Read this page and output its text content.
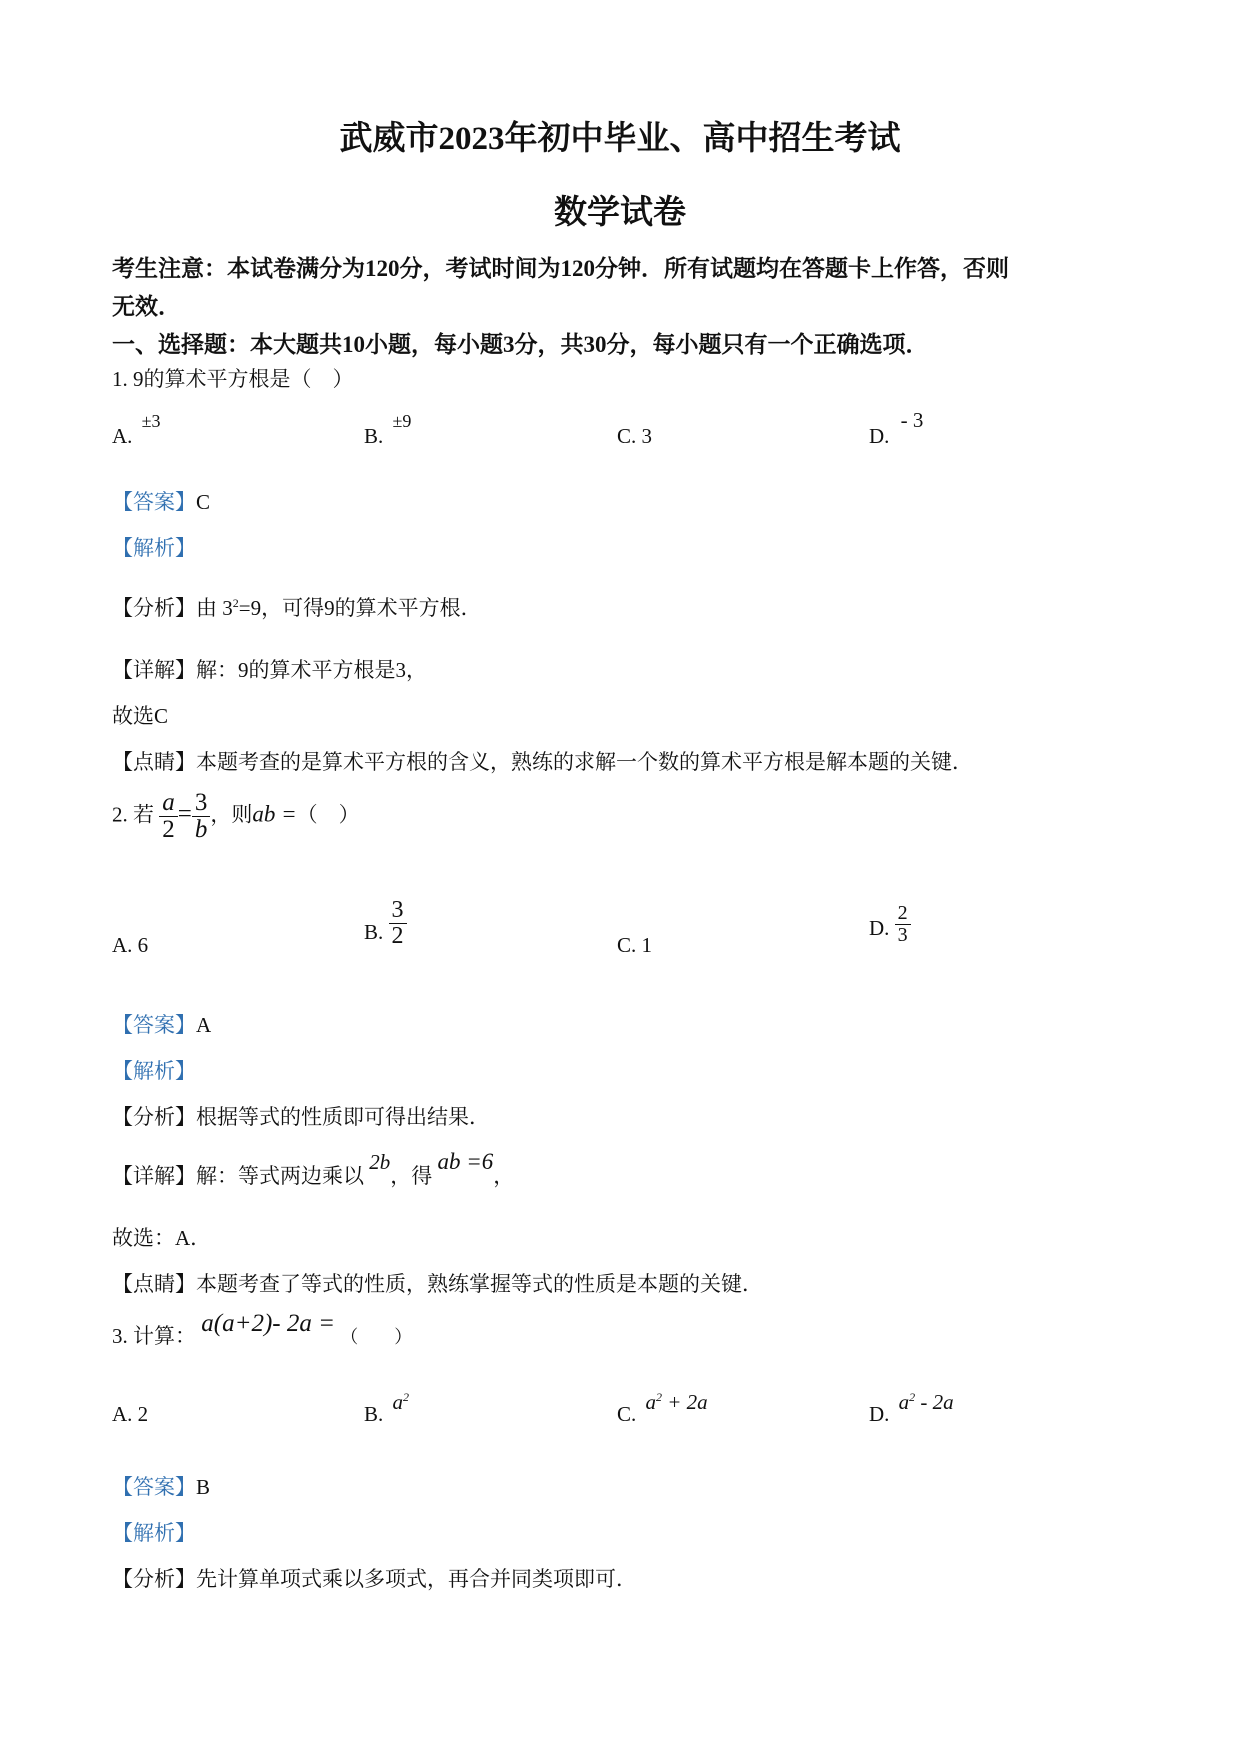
武威市2023年初中毕业、高中招生考试
数学试卷
考生注意：本试卷满分为120分，考试时间为120分钟．所有试题均在答题卡上作答，否则
无效．
一、选择题：本大题共10小题，每小题3分，共30分，每小题只有一个正确选项．
1. 9的算术平方根是（　）
A. ±3
B. ±9
C. 3	D. - 3
【答案】C
【解析】
【分析】由 $3^2=9$，可得9的算术平方根．
【详解】解：9的算术平方根是3，
故选C
【点睛】本题考查的是算术平方根的含义，熟练的求解一个数的算术平方根是解本题的关键．
2. 若 $\frac{a}{2} = \frac{3}{b}$ ，则ab =（　）
A. 6
B. $\frac{3}{2}$	C. 1
D. $\frac{2}{3}$
【答案】A
【解析】
【分析】根据等式的性质即可得出结果．
【详解】解：等式两边乘以 2b，得 ab =6，
故选：A．
【点睛】本题考查了等式的性质，熟练掌握等式的性质是本题的关键．
3. 计算： a(a+2)- 2a = （　　）
A. 2	B. $a^2$
C. $a^2 + 2a$	D. $a^2 - 2a$
【答案】B
【解析】
【分析】先计算单项式乘以多项式，再合并同类项即可．
